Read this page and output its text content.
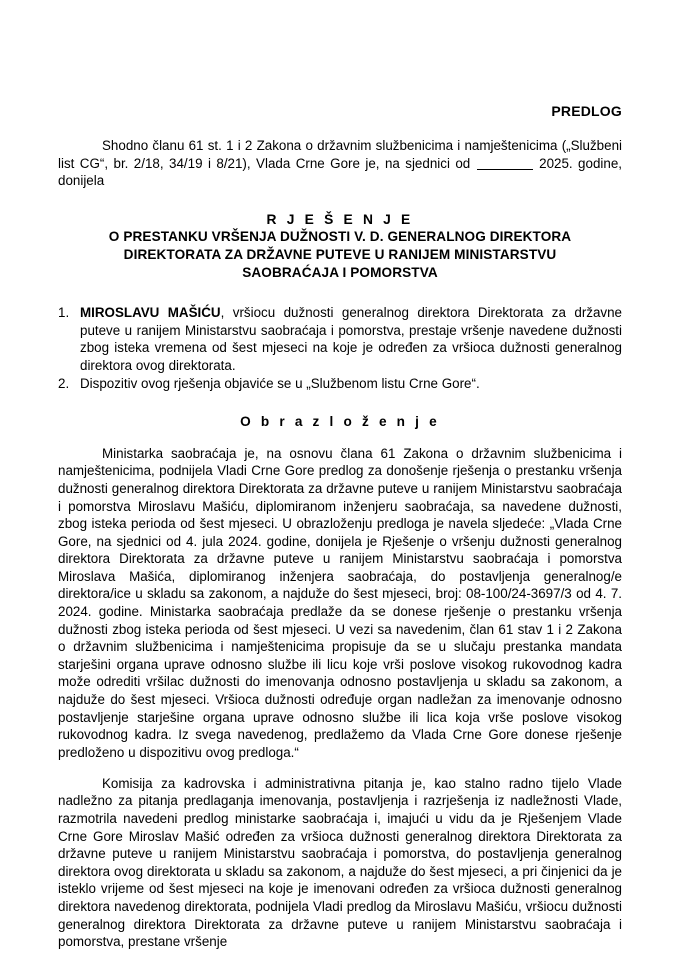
PREDLOG

Shodno članu 61 st. 1 i 2 Zakona o državnim službenicima i namještenicima („Službeni list CG“, br. 2/18, 34/19 i 8/21), Vlada Crne Gore je, na sjednici od	2025. godine, donijela

R J E Š E N J E
O PRESTANKU VRŠENJA DUŽNOSTI V. D. GENERALNOG DIREKTORA
DIREKTORATA ZA DRŽAVNE PUTEVE U RANIJEM MINISTARSTVU
SAOBRAĆAJA I POMORSTVA
1. MIROSLAVU MAŠIĆU, vršiocu dužnosti generalnog direktora Direktorata za državne puteve u ranijem Ministarstvu saobraćaja i pomorstva, prestaje vršenje navedene dužnosti zbog isteka vremena od šest mjeseci na koje je određen za vršioca dužnosti generalnog direktora ovog direktorata.
2. Dispozitiv ovog rješenja objaviće se u „Službenom listu Crne Gore“.
O b r a z l o ž e n j e

Ministarka saobraćaja je, na osnovu člana 61 Zakona o državnim službenicima i namještenicima, podnijela Vladi Crne Gore predlog za donošenje rješenja o prestanku vršenja dužnosti generalnog direktora Direktorata za državne puteve u ranijem Ministarstvu saobraćaja i pomorstva Miroslavu Mašiću, diplomiranom inženjeru saobraćaja, sa navedene dužnosti, zbog isteka perioda od šest mjeseci. U obrazloženju predloga je navela sljedeće: „Vlada Crne Gore, na sjednici od 4. jula 2024. godine, donijela je Rješenje o vršenju dužnosti generalnog direktora Direktorata za državne puteve u ranijem Ministarstvu saobraćaja i pomorstva Miroslava Mašića, diplomiranog inženjera saobraćaja, do postavljenja generalnog/e direktora/ice u skladu sa zakonom, a najduže do šest mjeseci, broj: 08-100/24-3697/3 od 4. 7. 2024. godine. Ministarka saobraćaja predlaže da se donese rješenje o prestanku vršenja dužnosti zbog isteka perioda od šest mjeseci. U vezi sa navedenim, član 61 stav 1 i 2 Zakona o državnim službenicima i namještenicima propisuje da se u slučaju prestanka mandata starješini organa uprave odnosno službe ili licu koje vrši poslove visokog rukovodnog kadra može odrediti vršilac dužnosti do imenovanja odnosno postavljenja u skladu sa zakonom, a najduže do šest mjeseci. Vršioca dužnosti određuje organ nadležan za imenovanje odnosno postavljenje starješine organa uprave odnosno službe ili lica koja vrše poslove visokog rukovodnog kadra. Iz svega navedenog, predlažemo da Vlada Crne Gore donese rješenje predloženo u dispozitivu ovog predloga.“

Komisija za kadrovska i administrativna pitanja je, kao stalno radno tijelo Vlade nadležno za pitanja predlaganja imenovanja, postavljenja i razrješenja iz nadležnosti Vlade, razmotrila navedeni predlog ministarke saobraćaja i, imajući u vidu da je Rješenjem Vlade Crne Gore Miroslav Mašić određen za vršioca dužnosti generalnog direktora Direktorata za državne puteve u ranijem Ministarstvu saobraćaja i pomorstva, do postavljenja generalnog direktora ovog direktorata u skladu sa zakonom, a najduže do šest mjeseci, a pri činjenici da je isteklo vrijeme od šest mjeseci na koje je imenovani određen za vršioca dužnosti generalnog direktora navedenog direktorata, podnijela Vladi predlog da Miroslavu Mašiću, vršiocu dužnosti generalnog direktora Direktorata za državne puteve u ranijem Ministarstvu saobraćaja i pomorstva, prestane vršenje
